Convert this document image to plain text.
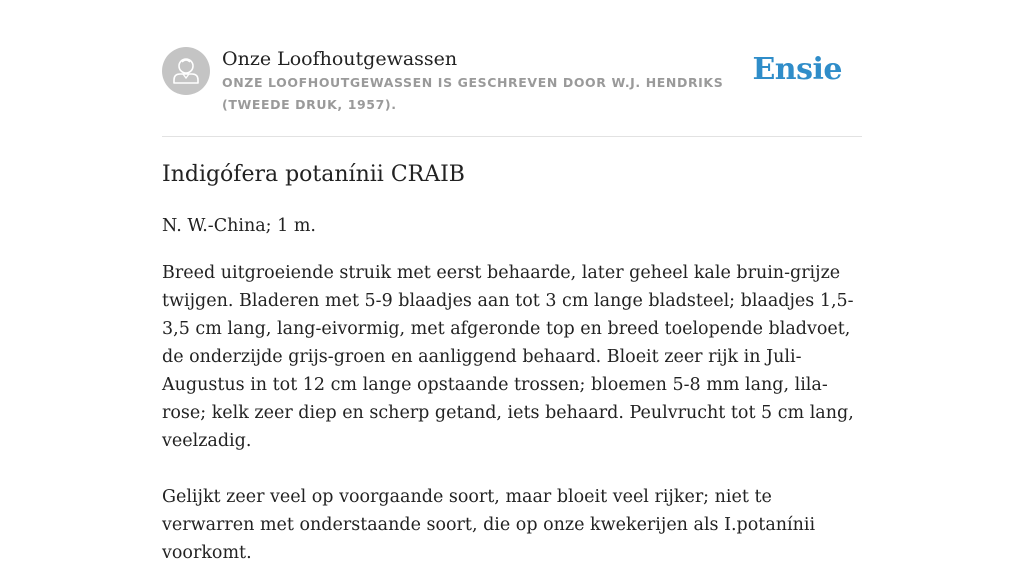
Onze Loofhoutgewassen
ONZE LOOFHOUTGEWASSEN IS GESCHREVEN DOOR W.J. HENDRIKS (TWEEDE DRUK, 1957).
Ensie
Indigófera potanínii CRAIB

N. W.-China; 1 m.

Breed uitgroeiende struik met eerst behaarde, later geheel kale bruin-grijze twijgen. Bladeren met 5-9 blaadjes aan tot 3 cm lange bladsteel; blaadjes 1,5-3,5 cm lang, lang-eivormig, met afgeronde top en breed toelopende bladvoet, de onderzijde grijs-groen en aanliggend behaard. Bloeit zeer rijk in Juli-Augustus in tot 12 cm lange opstaande trossen; bloemen 5-8 mm lang, lila-rose; kelk zeer diep en scherp getand, iets behaard. Peulvrucht tot 5 cm lang, veelzadig.

Gelijkt zeer veel op voorgaande soort, maar bloeit veel rijker; niet te verwarren met onderstaande soort, die op onze kwekerijen als I.potanínii voorkomt.
